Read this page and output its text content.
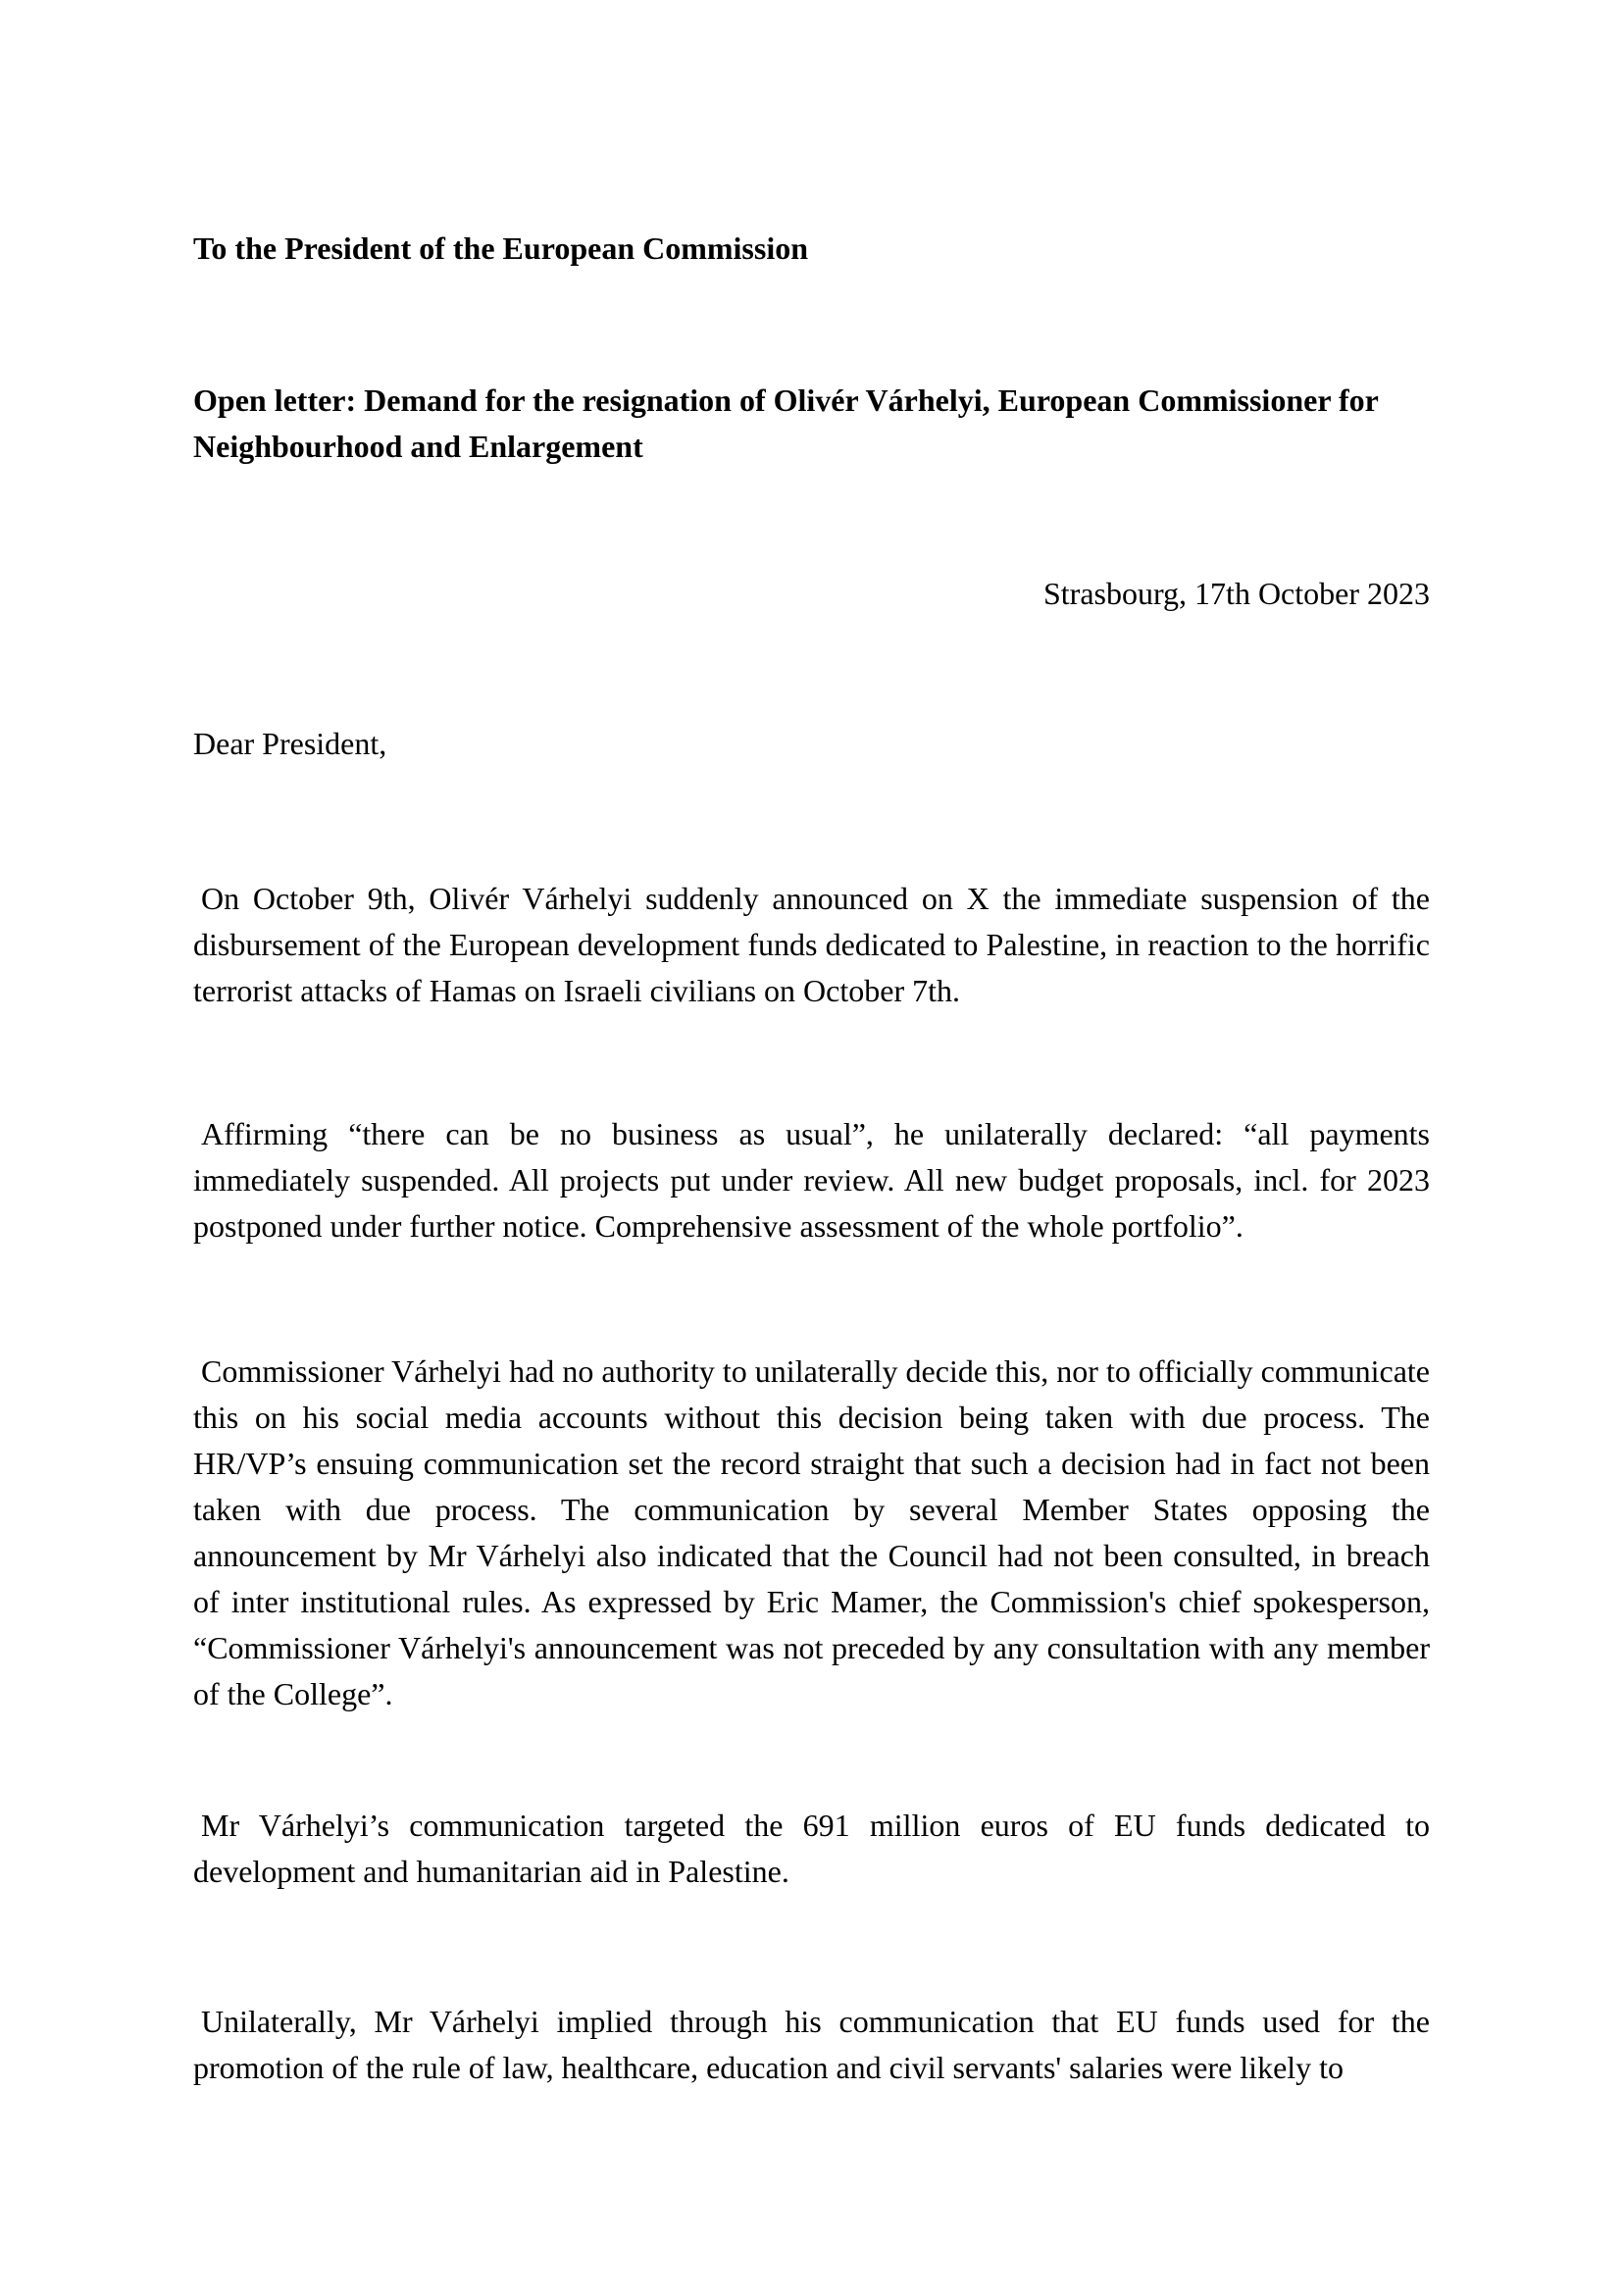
To the President of the European Commission
Open letter: Demand for the resignation of Olivér Várhelyi, European Commissioner for Neighbourhood and Enlargement
Strasbourg, 17th October 2023
Dear President,
On October 9th, Olivér Várhelyi suddenly announced on X the immediate suspension of the disbursement of the European development funds dedicated to Palestine, in reaction to the horrific terrorist attacks of Hamas on Israeli civilians on October 7th.
Affirming “there can be no business as usual”, he unilaterally declared: “all payments immediately suspended. All projects put under review. All new budget proposals, incl. for 2023 postponed under further notice. Comprehensive assessment of the whole portfolio”.
Commissioner Várhelyi had no authority to unilaterally decide this, nor to officially communicate this on his social media accounts without this decision being taken with due process. The HR/VP’s ensuing communication set the record straight that such a decision had in fact not been taken with due process. The communication by several Member States opposing the announcement by Mr Várhelyi also indicated that the Council had not been consulted, in breach of inter institutional rules. As expressed by Eric Mamer, the Commission's chief spokesperson, “Commissioner Várhelyi's announcement was not preceded by any consultation with any member of the College”.
Mr Várhelyi’s communication targeted the 691 million euros of EU funds dedicated to development and humanitarian aid in Palestine.
Unilaterally, Mr Várhelyi implied through his communication that EU funds used for the promotion of the rule of law, healthcare, education and civil servants' salaries were likely to
